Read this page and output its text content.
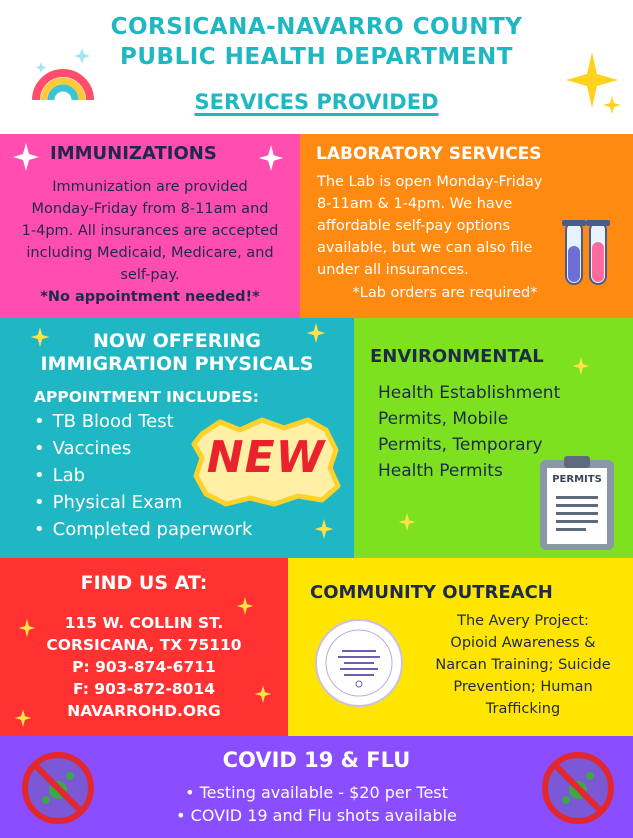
CORSICANA-NAVARRO COUNTY
PUBLIC HEALTH DEPARTMENT
SERVICES PROVIDED
IMMUNIZATIONS
Immunization are provided
Monday-Friday from 8-11am and
1-4pm. All insurances are accepted
including Medicaid, Medicare, and
self-pay.
*No appointment needed!*
LABORATORY SERVICES
The Lab is open Monday-Friday
8-11am & 1-4pm. We have
affordable self-pay options
available, but we can also file
under all insurances.
*Lab orders are required*
NOW OFFERING
IMMIGRATION PHYSICALS
APPOINTMENT INCLUDES:
• TB Blood Test
• Vaccines
• Lab
• Physical Exam
• Completed paperwork
NEW
ENVIRONMENTAL
Health Establishment
Permits, Mobile
Permits, Temporary
Health Permits	PERMITS
FIND US AT:
115 W. COLLIN ST.
CORSICANA, TX 75110
P: 903-874-6711
F: 903-872-8014
NAVARROHD.ORG
COMMUNITY OUTREACH
The Avery Project:
Opioid Awareness &
Narcan Training; Suicide
Prevention; Human
Trafficking
COVID 19 & FLU
• Testing available - $20 per Test
• COVID 19 and Flu shots available
